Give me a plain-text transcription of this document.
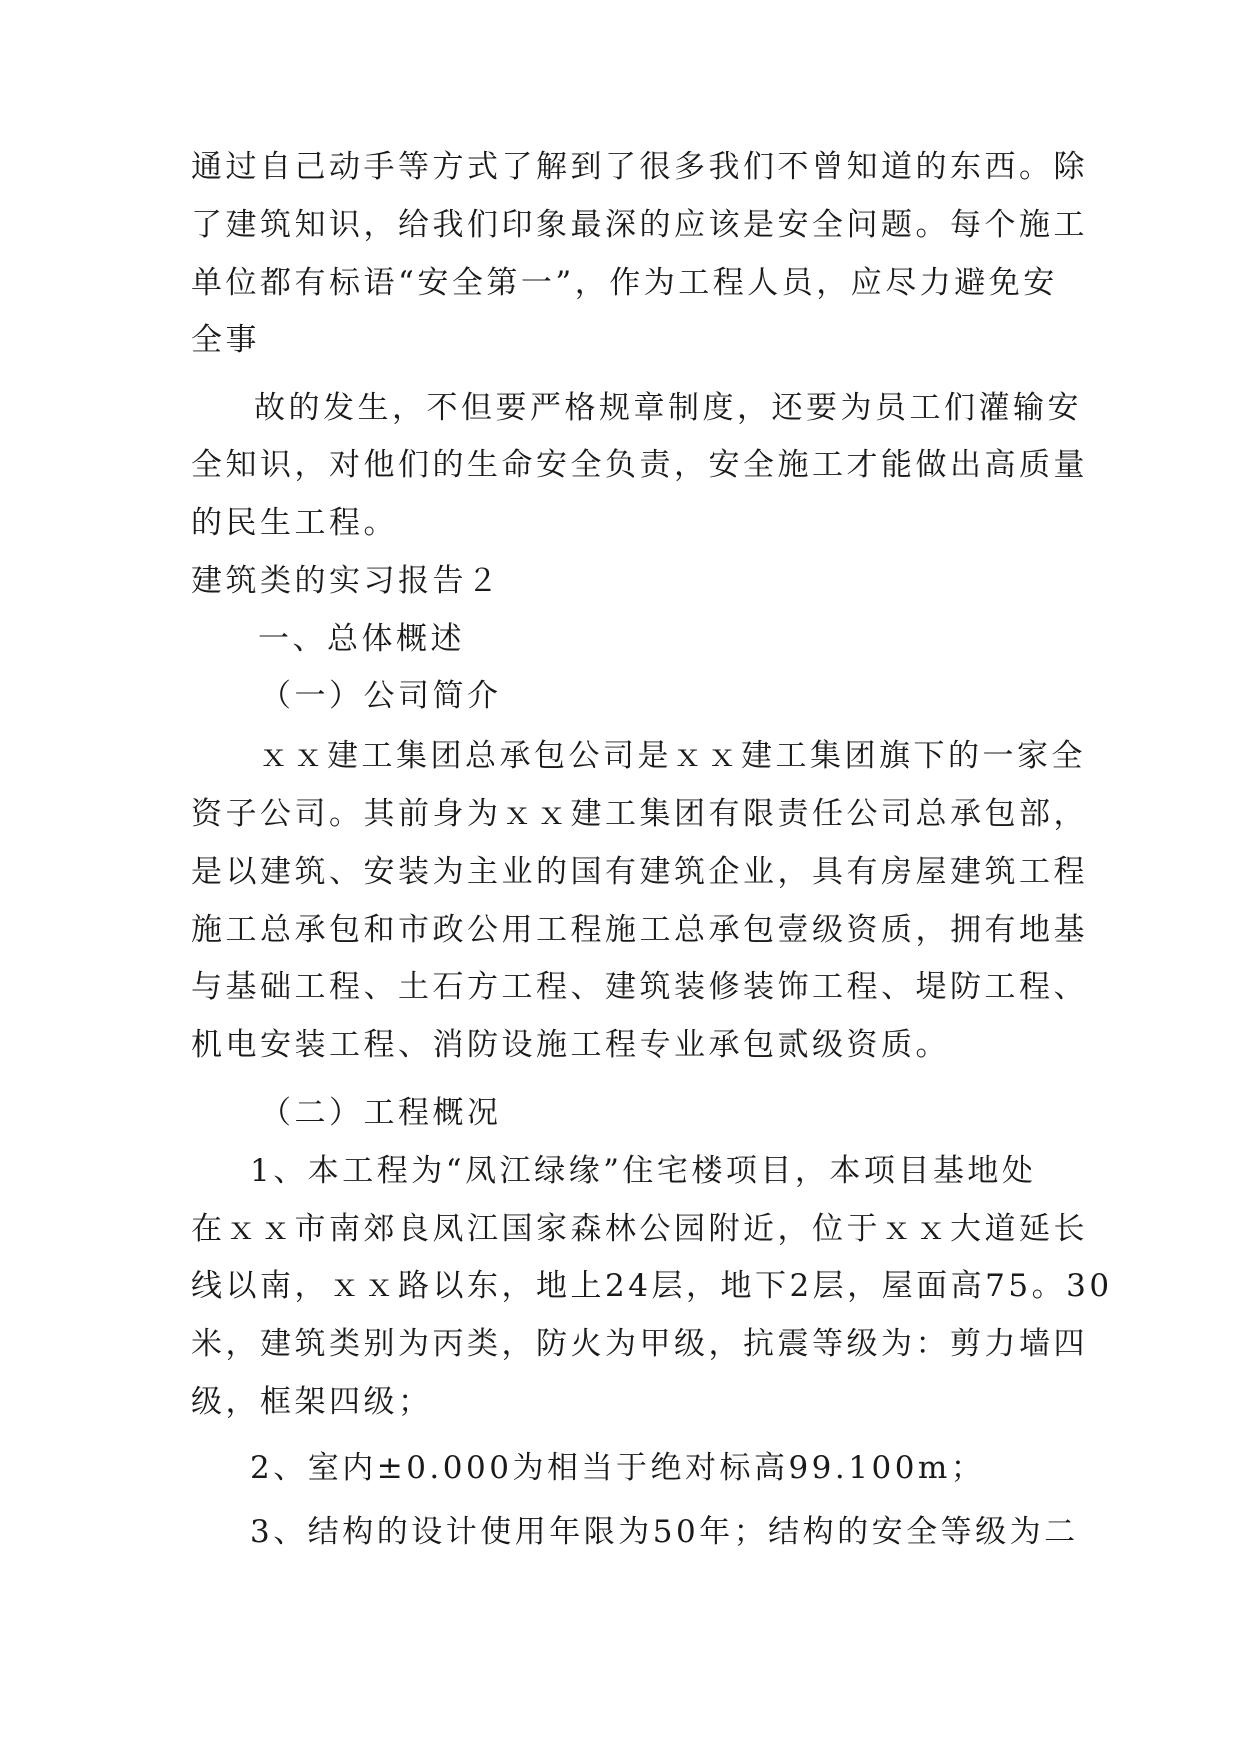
通过自己动手等方式了解到了很多我们不曾知道的东西。除
了建筑知识，给我们印象最深的应该是安全问题。每个施工
单位都有标语“安全第一”，作为工程人员，应尽力避免安
全事
故的发生，不但要严格规章制度，还要为员工们灌输安
全知识，对他们的生命安全负责，安全施工才能做出高质量
的民生工程。
建筑类的实习报告２
一、总体概述
（一）公司简介
ｘｘ建工集团总承包公司是ｘｘ建工集团旗下的一家全
资子公司。其前身为ｘｘ建工集团有限责任公司总承包部，
是以建筑、安装为主业的国有建筑企业，具有房屋建筑工程
施工总承包和市政公用工程施工总承包壹级资质，拥有地基
与基础工程、土石方工程、建筑装修装饰工程、堤防工程、
机电安装工程、消防设施工程专业承包贰级资质。
（二）工程概况
1、本工程为“凤江绿缘”住宅楼项目，本项目基地处
在ｘｘ市南郊良凤江国家森林公园附近，位于ｘｘ大道延长
线以南，ｘｘ路以东，地上24层，地下2层，屋面高75。30
米，建筑类别为丙类，防火为甲级，抗震等级为：剪力墙四
级，框架四级；
2、室内±0.000为相当于绝对标高99.100m；
3、结构的设计使用年限为50年；结构的安全等级为二
